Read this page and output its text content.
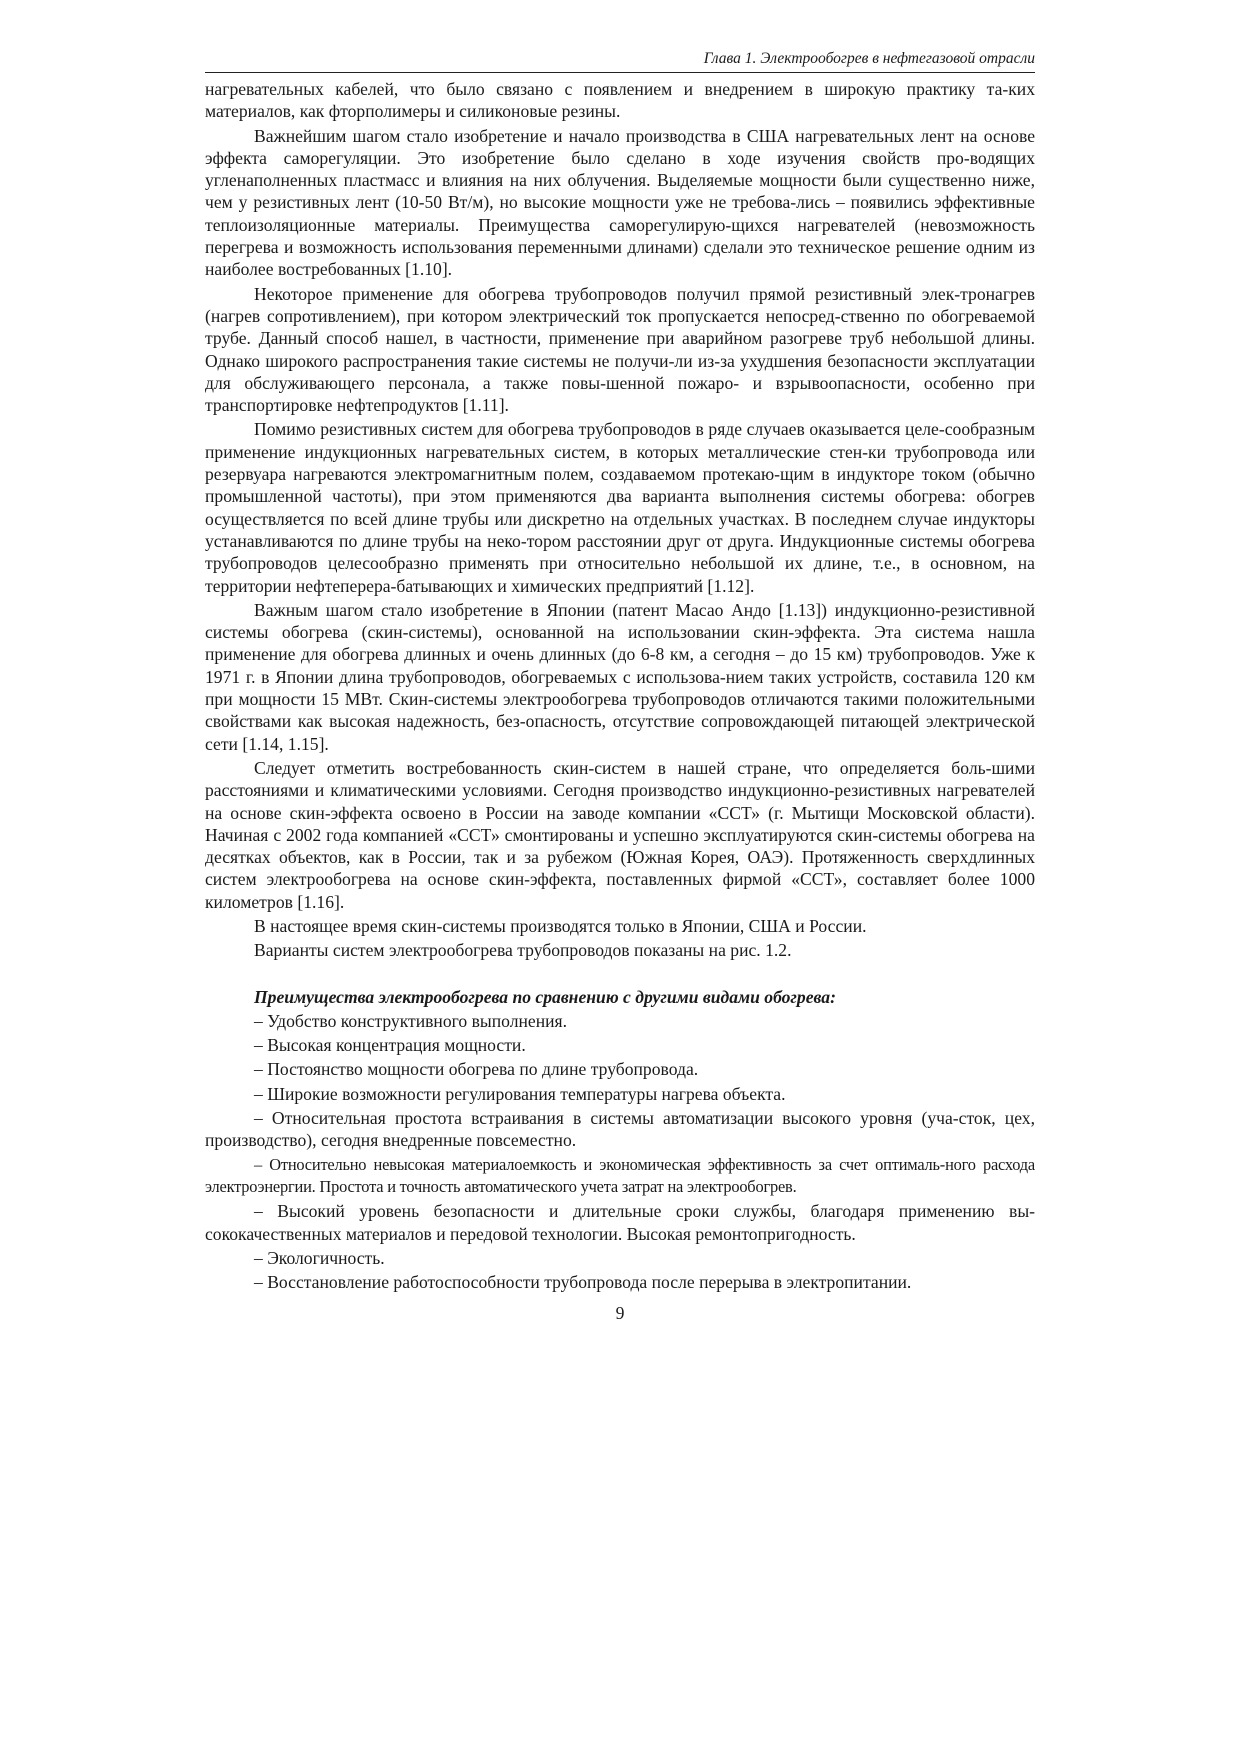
Глава 1. Электрообогрев в нефтегазовой отрасли

нагревательных кабелей, что было связано с появлением и внедрением в широкую практику та-ких материалов, как фторполимеры и силиконовые резины.

Важнейшим шагом стало изобретение и начало производства в США нагревательных лент на основе эффекта саморегуляции. Это изобретение было сделано в ходе изучения свойств про-водящих угленаполненных пластмасс и влияния на них облучения. Выделяемые мощности были существенно ниже, чем у резистивных лент (10-50 Вт/м), но высокие мощности уже не требова-лись – появились эффективные теплоизоляционные материалы. Преимущества саморегулирую-щихся нагревателей (невозможность перегрева и возможность использования переменными длинами) сделали это техническое решение одним из наиболее востребованных [1.10].

Некоторое применение для обогрева трубопроводов получил прямой резистивный элек-тронагрев (нагрев сопротивлением), при котором электрический ток пропускается непосред-ственно по обогреваемой трубе. Данный способ нашел, в частности, применение при аварийном разогреве труб небольшой длины. Однако широкого распространения такие системы не получи-ли из-за ухудшения безопасности эксплуатации для обслуживающего персонала, а также повы-шенной пожаро- и взрывоопасности, особенно при транспортировке нефтепродуктов [1.11].

Помимо резистивных систем для обогрева трубопроводов в ряде случаев оказывается целе-сообразным применение индукционных нагревательных систем, в которых металлические стен-ки трубопровода или резервуара нагреваются электромагнитным полем, создаваемом протекаю-щим в индукторе током (обычно промышленной частоты), при этом применяются два варианта выполнения системы обогрева: обогрев осуществляется по всей длине трубы или дискретно на отдельных участках. В последнем случае индукторы устанавливаются по длине трубы на неко-тором расстоянии друг от друга. Индукционные системы обогрева трубопроводов целесообразно применять при относительно небольшой их длине, т.е., в основном, на территории нефтеперера-батывающих и химических предприятий [1.12].

Важным шагом стало изобретение в Японии (патент Масао Андо [1.13]) индукционно-резистивной системы обогрева (скин-системы), основанной на использовании скин-эффекта. Эта система нашла применение для обогрева длинных и очень длинных (до 6-8 км, а сегодня – до 15 км) трубопроводов. Уже к 1971 г. в Японии длина трубопроводов, обогреваемых с использова-нием таких устройств, составила 120 км при мощности 15 МВт. Скин-системы электрообогрева трубопроводов отличаются такими положительными свойствами как высокая надежность, без-опасность, отсутствие сопровождающей питающей электрической сети [1.14, 1.15].

Следует отметить востребованность скин-систем в нашей стране, что определяется боль-шими расстояниями и климатическими условиями. Сегодня производство индукционно-резистивных нагревателей на основе скин-эффекта освоено в России на заводе компании «ССТ» (г. Мытищи Московской области). Начиная с 2002 года компанией «ССТ» смонтированы и успешно эксплуатируются скин-системы обогрева на десятках объектов, как в России, так и за рубежом (Южная Корея, ОАЭ). Протяженность сверхдлинных систем электрообогрева на основе скин-эффекта, поставленных фирмой «ССТ», составляет более 1000 километров [1.16].

В настоящее время скин-системы производятся только в Японии, США и России.

Варианты систем электрообогрева трубопроводов показаны на рис. 1.2.

Преимущества электрообогрева по сравнению с другими видами обогрева:

– Удобство конструктивного выполнения.

– Высокая концентрация мощности.

– Постоянство мощности обогрева по длине трубопровода.

– Широкие возможности регулирования температуры нагрева объекта.

– Относительная простота встраивания в системы автоматизации высокого уровня (уча-сток, цех, производство), сегодня внедренные повсеместно.

– Относительно невысокая материалоемкость и экономическая эффективность за счет оптималь-ного расхода электроэнергии. Простота и точность автоматического учета затрат на электрообогрев.

– Высокий уровень безопасности и длительные сроки службы, благодаря применению вы-сококачественных материалов и передовой технологии. Высокая ремонтопригодность.

– Экологичность.

– Восстановление работоспособности трубопровода после перерыва в электропитании.

9
